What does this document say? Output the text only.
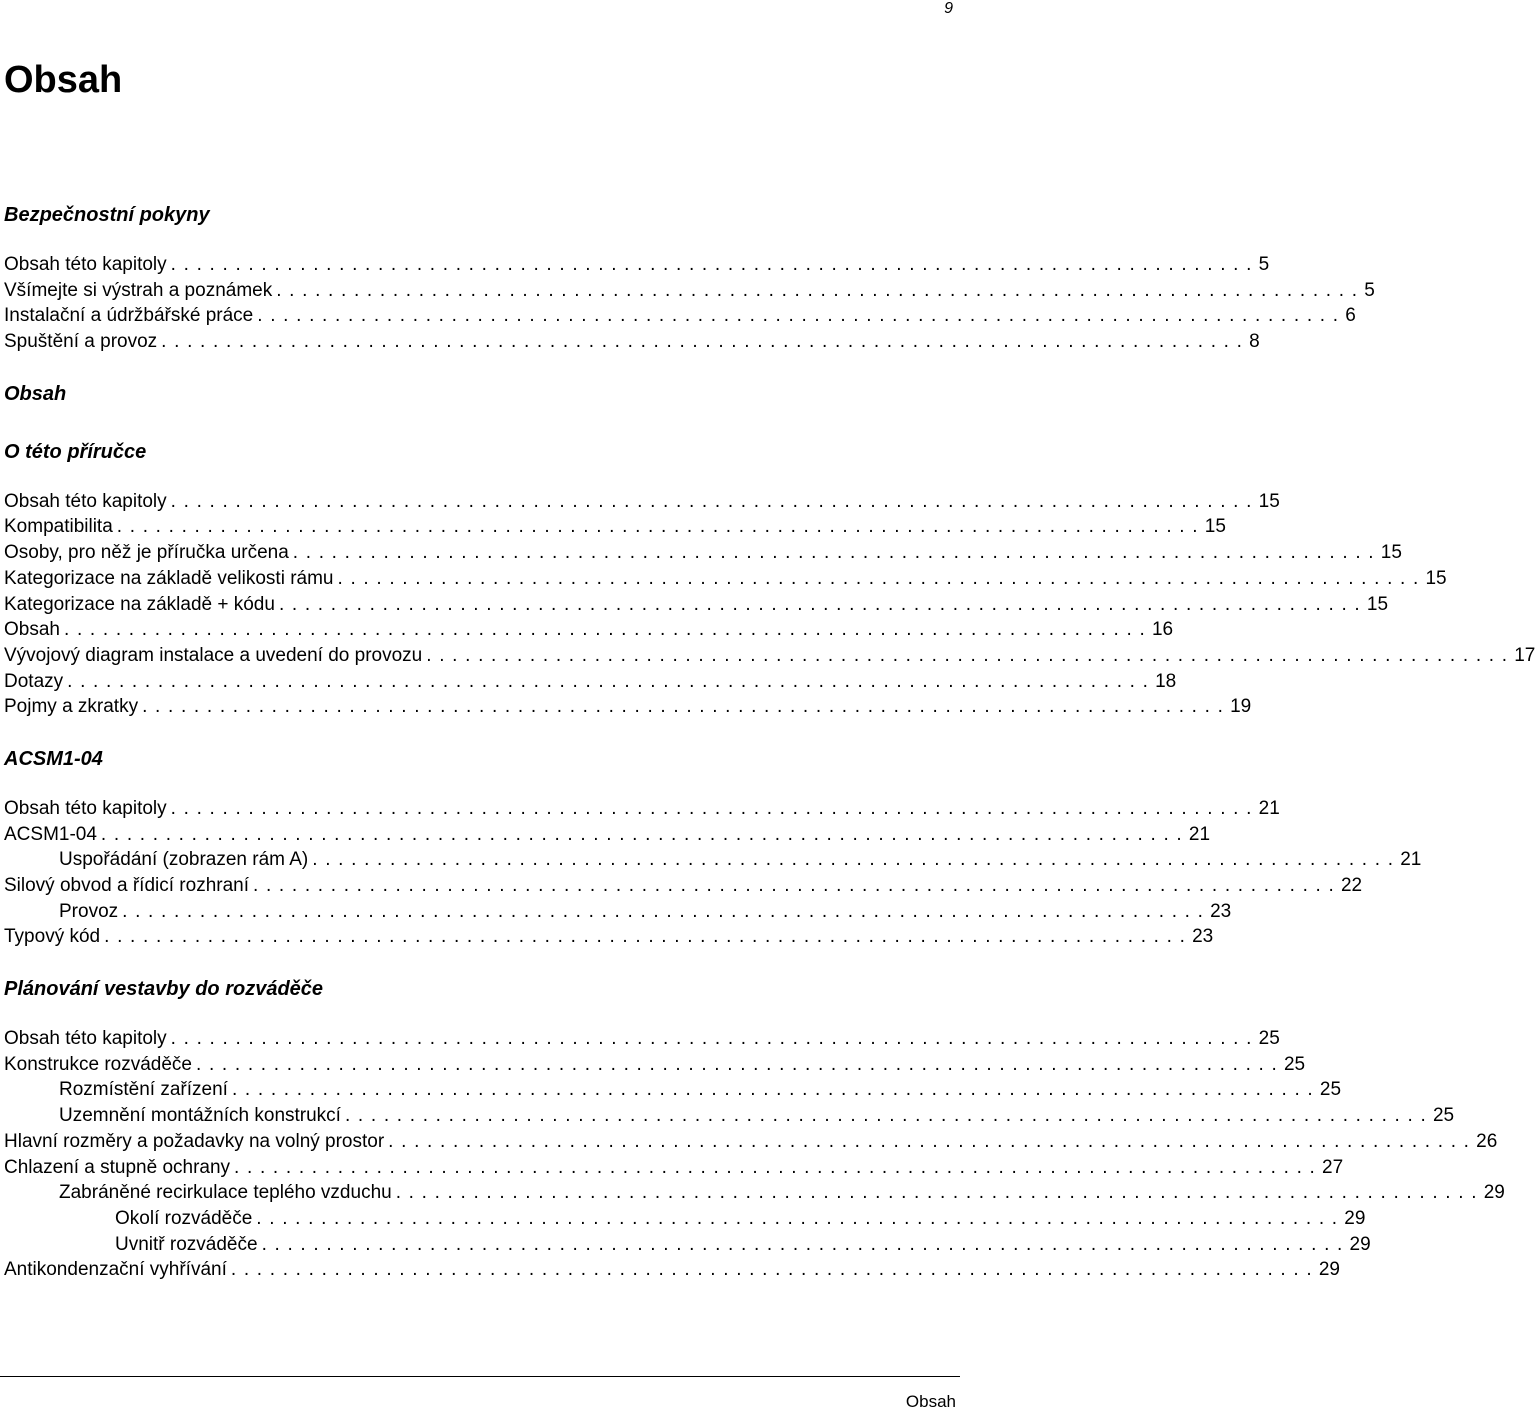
9
Obsah
Bezpečnostní pokyny
Obsah této kapitoly . . . . . . . . . . . . . . . . . . . . . . . . . . . . . . . . . . . . . . . . . . . . . . . . . . . . . . . . . . . . . . . . . . . . . . . . . . . . . . . . . . . . 5
Všímejte si výstrah a poznámek . . . . . . . . . . . . . . . . . . . . . . . . . . . . . . . . . . . . . . . . . . . . . . . . . . . . . . . . . . . . . . . . . . . . . . . . . . . . . . . . . . . . 5
Instalační a údržbářské práce . . . . . . . . . . . . . . . . . . . . . . . . . . . . . . . . . . . . . . . . . . . . . . . . . . . . . . . . . . . . . . . . . . . . . . . . . . . . . . . . . . . . 6
Spuštění a provoz . . . . . . . . . . . . . . . . . . . . . . . . . . . . . . . . . . . . . . . . . . . . . . . . . . . . . . . . . . . . . . . . . . . . . . . . . . . . . . . . . . . . 8
Obsah
O této příručce
Obsah této kapitoly . . . . . . . . . . . . . . . . . . . . . . . . . . . . . . . . . . . . . . . . . . . . . . . . . . . . . . . . . . . . . . . . . . . . . . . . . . . . . . . . . . . . 15
Kompatibilita . . . . . . . . . . . . . . . . . . . . . . . . . . . . . . . . . . . . . . . . . . . . . . . . . . . . . . . . . . . . . . . . . . . . . . . . . . . . . . . . . . . . 15
Osoby, pro něž je příručka určena . . . . . . . . . . . . . . . . . . . . . . . . . . . . . . . . . . . . . . . . . . . . . . . . . . . . . . . . . . . . . . . . . . . . . . . . . . . . . . . . . . . . 15
Kategorizace na základě velikosti rámu . . . . . . . . . . . . . . . . . . . . . . . . . . . . . . . . . . . . . . . . . . . . . . . . . . . . . . . . . . . . . . . . . . . . . . . . . . . . . . . . . . . . 15
Kategorizace na základě + kódu . . . . . . . . . . . . . . . . . . . . . . . . . . . . . . . . . . . . . . . . . . . . . . . . . . . . . . . . . . . . . . . . . . . . . . . . . . . . . . . . . . . . 15
Obsah . . . . . . . . . . . . . . . . . . . . . . . . . . . . . . . . . . . . . . . . . . . . . . . . . . . . . . . . . . . . . . . . . . . . . . . . . . . . . . . . . . . . 16
Vývojový diagram instalace a uvedení do provozu . . . . . . . . . . . . . . . . . . . . . . . . . . . . . . . . . . . . . . . . . . . . . . . . . . . . . . . . . . . . . . . . . . . . . . . . . . . . . . . . . . . . 17
Dotazy . . . . . . . . . . . . . . . . . . . . . . . . . . . . . . . . . . . . . . . . . . . . . . . . . . . . . . . . . . . . . . . . . . . . . . . . . . . . . . . . . . . . 18
Pojmy a zkratky . . . . . . . . . . . . . . . . . . . . . . . . . . . . . . . . . . . . . . . . . . . . . . . . . . . . . . . . . . . . . . . . . . . . . . . . . . . . . . . . . . . . 19
ACSM1-04
Obsah této kapitoly . . . . . . . . . . . . . . . . . . . . . . . . . . . . . . . . . . . . . . . . . . . . . . . . . . . . . . . . . . . . . . . . . . . . . . . . . . . . . . . . . . . . 21
ACSM1-04 . . . . . . . . . . . . . . . . . . . . . . . . . . . . . . . . . . . . . . . . . . . . . . . . . . . . . . . . . . . . . . . . . . . . . . . . . . . . . . . . . . . . 21
Uspořádání (zobrazen rám A) . . . . . . . . . . . . . . . . . . . . . . . . . . . . . . . . . . . . . . . . . . . . . . . . . . . . . . . . . . . . . . . . . . . . . . . . . . . . . . . . . . . . 21
Silový obvod a řídicí rozhraní . . . . . . . . . . . . . . . . . . . . . . . . . . . . . . . . . . . . . . . . . . . . . . . . . . . . . . . . . . . . . . . . . . . . . . . . . . . . . . . . . . . . 22
Provoz . . . . . . . . . . . . . . . . . . . . . . . . . . . . . . . . . . . . . . . . . . . . . . . . . . . . . . . . . . . . . . . . . . . . . . . . . . . . . . . . . . . . 23
Typový kód . . . . . . . . . . . . . . . . . . . . . . . . . . . . . . . . . . . . . . . . . . . . . . . . . . . . . . . . . . . . . . . . . . . . . . . . . . . . . . . . . . . . 23
Plánování vestavby do rozváděče
Obsah této kapitoly . . . . . . . . . . . . . . . . . . . . . . . . . . . . . . . . . . . . . . . . . . . . . . . . . . . . . . . . . . . . . . . . . . . . . . . . . . . . . . . . . . . . 25
Konstrukce rozváděče . . . . . . . . . . . . . . . . . . . . . . . . . . . . . . . . . . . . . . . . . . . . . . . . . . . . . . . . . . . . . . . . . . . . . . . . . . . . . . . . . . . . 25
Rozmístění zařízení . . . . . . . . . . . . . . . . . . . . . . . . . . . . . . . . . . . . . . . . . . . . . . . . . . . . . . . . . . . . . . . . . . . . . . . . . . . . . . . . . . . . 25
Uzemnění montážních konstrukcí . . . . . . . . . . . . . . . . . . . . . . . . . . . . . . . . . . . . . . . . . . . . . . . . . . . . . . . . . . . . . . . . . . . . . . . . . . . . . . . . . . . . 25
Hlavní rozměry a požadavky na volný prostor . . . . . . . . . . . . . . . . . . . . . . . . . . . . . . . . . . . . . . . . . . . . . . . . . . . . . . . . . . . . . . . . . . . . . . . . . . . . . . . . . . . . 26
Chlazení a stupně ochrany . . . . . . . . . . . . . . . . . . . . . . . . . . . . . . . . . . . . . . . . . . . . . . . . . . . . . . . . . . . . . . . . . . . . . . . . . . . . . . . . . . . . 27
Zabráněné recirkulace teplého vzduchu . . . . . . . . . . . . . . . . . . . . . . . . . . . . . . . . . . . . . . . . . . . . . . . . . . . . . . . . . . . . . . . . . . . . . . . . . . . . . . . . . . . . 29
Okolí rozváděče . . . . . . . . . . . . . . . . . . . . . . . . . . . . . . . . . . . . . . . . . . . . . . . . . . . . . . . . . . . . . . . . . . . . . . . . . . . . . . . . . . . . 29
Uvnitř rozváděče . . . . . . . . . . . . . . . . . . . . . . . . . . . . . . . . . . . . . . . . . . . . . . . . . . . . . . . . . . . . . . . . . . . . . . . . . . . . . . . . . . . . 29
Antikondenzační vyhřívání . . . . . . . . . . . . . . . . . . . . . . . . . . . . . . . . . . . . . . . . . . . . . . . . . . . . . . . . . . . . . . . . . . . . . . . . . . . . . . . . . . . . 29
Obsah
